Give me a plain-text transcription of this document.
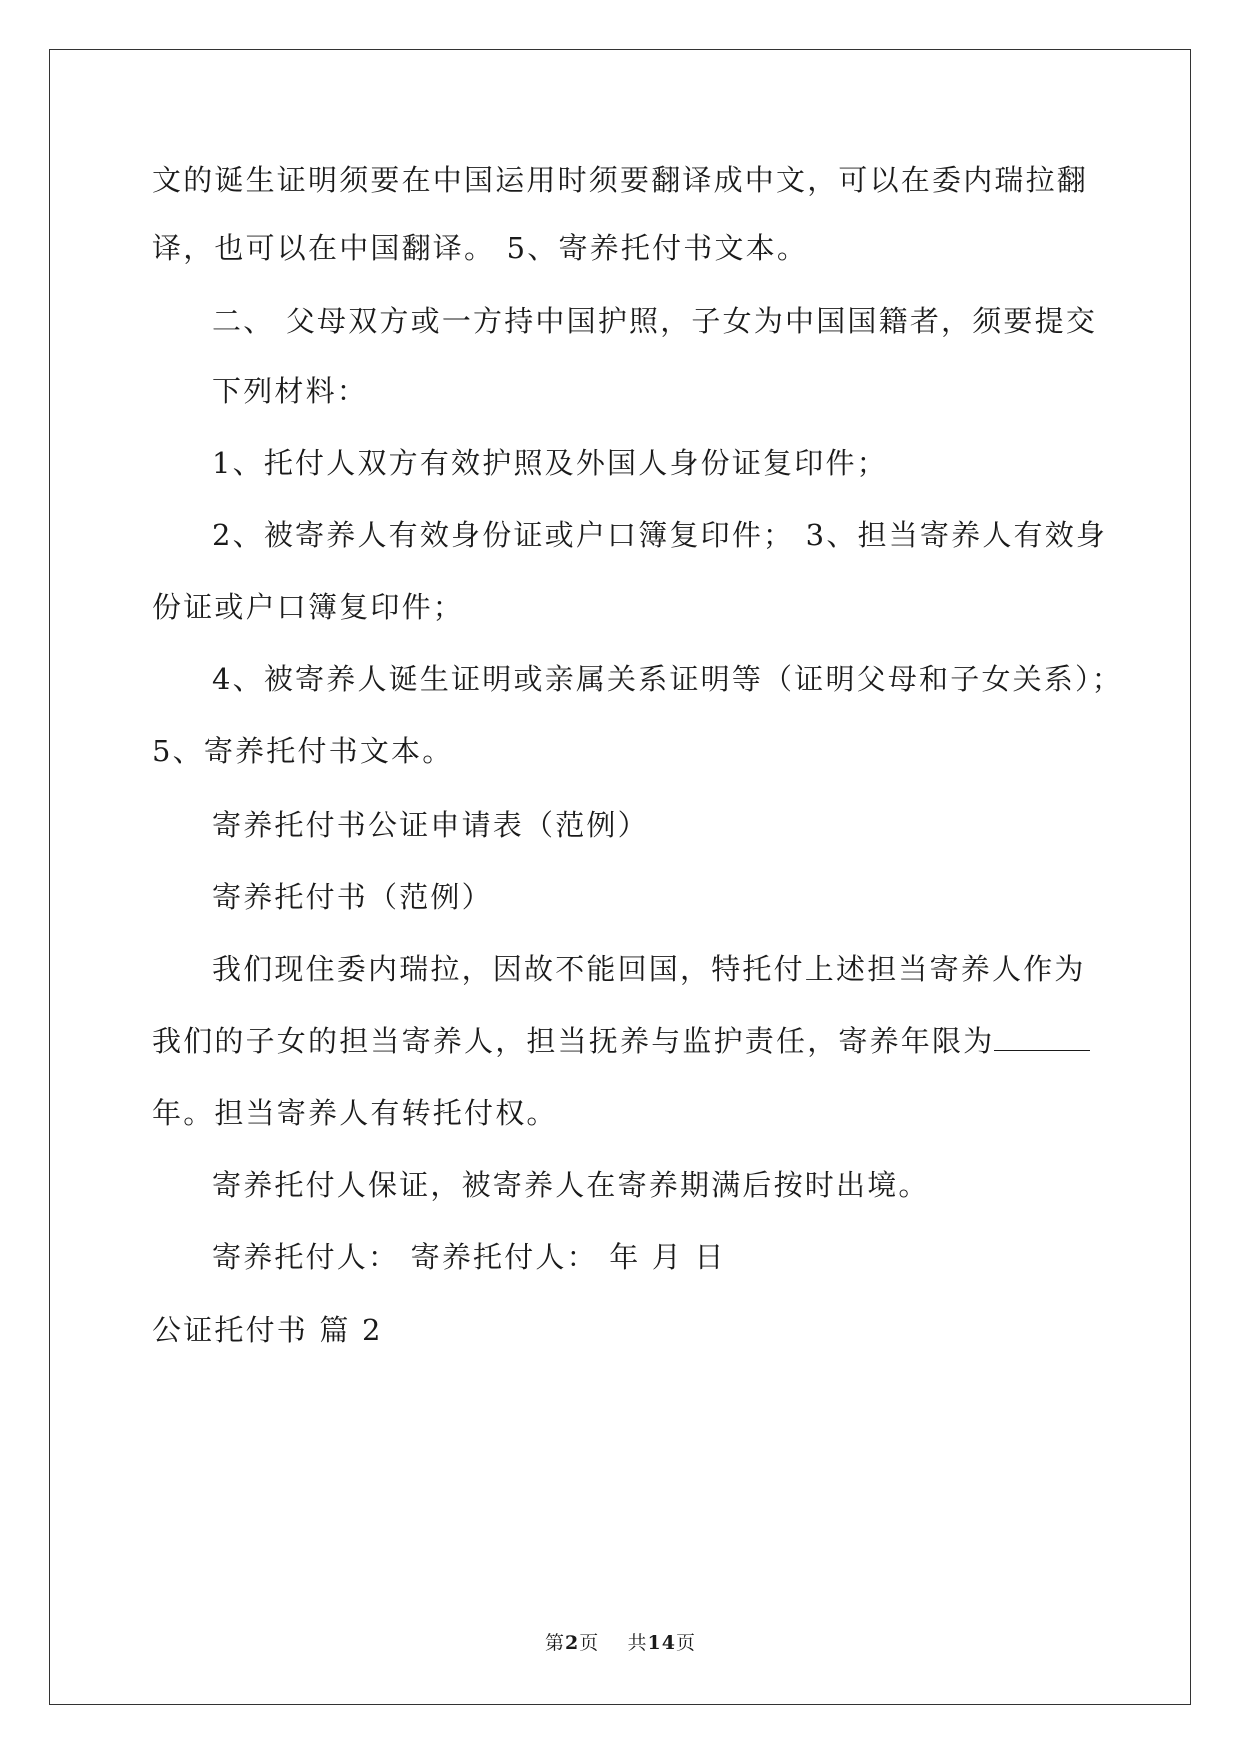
文的诞生证明须要在中国运用时须要翻译成中文，可以在委内瑞拉翻
译，也可以在中国翻译。 5、寄养托付书文本。
二、 父母双方或一方持中国护照，子女为中国国籍者，须要提交
下列材料：
1、托付人双方有效护照及外国人身份证复印件；
2、被寄养人有效身份证或户口簿复印件； 3、担当寄养人有效身
份证或户口簿复印件；
4、被寄养人诞生证明或亲属关系证明等（证明父母和子女关系）；
5、寄养托付书文本。
寄养托付书公证申请表（范例）
寄养托付书（范例）
我们现住委内瑞拉，因故不能回国，特托付上述担当寄养人作为
我们的子女的担当寄养人，担当抚养与监护责任，寄养年限为
年。担当寄养人有转托付权。
寄养托付人保证，被寄养人在寄养期满后按时出境。
寄养托付人： 寄养托付人： 年 月 日
公证托付书 篇 2
第2页 共14页
